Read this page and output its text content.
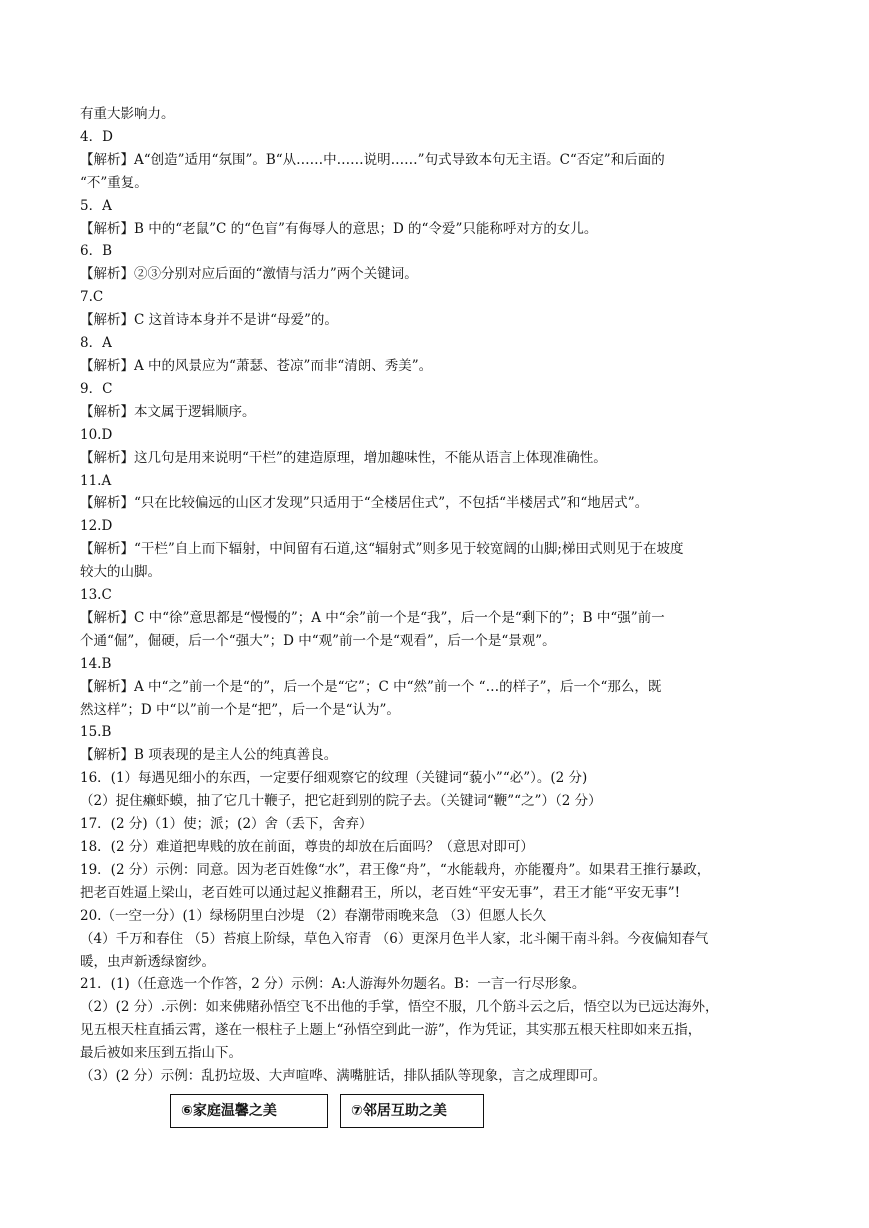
有重大影响力。
4．D
【解析】A“创造”适用“氛围”。B“从……中……说明……”句式导致本句无主语。C“否定”和后面的
“不”重复。
5．A
【解析】B 中的“老鼠”C 的“色盲”有侮辱人的意思；D 的“令爱”只能称呼对方的女儿。
6．B
【解析】②③分别对应后面的“激情与活力”两个关键词。
7.C
【解析】C 这首诗本身并不是讲“母爱”的。
8．A
【解析】A 中的风景应为“萧瑟、苍凉”而非“清朗、秀美”。
9．C
【解析】本文属于逻辑顺序。
10.D
【解析】这几句是用来说明“干栏”的建造原理，增加趣味性，不能从语言上体现准确性。
11.A
【解析】“只在比较偏远的山区才发现”只适用于“全楼居住式”，不包括“半楼居式”和“地居式”。
12.D
【解析】“干栏”自上而下辐射，中间留有石道,这“辐射式”则多见于较宽阔的山脚;梯田式则见于在坡度
较大的山脚。
13.C
【解析】C 中“徐”意思都是“慢慢的”；A 中“余”前一个是“我”，后一个是“剩下的”；B 中“强”前一
个通“倔”，倔硬，后一个“强大”；D 中“观”前一个是“观看”，后一个是“景观”。
14.B
【解析】A 中“之”前一个是“的”，后一个是“它”；C 中“然”前一个 “…的样子”，后一个“那么，既
然这样”；D 中“以”前一个是“把”，后一个是“认为”。
15.B
【解析】B 项表现的是主人公的纯真善良。
16．(1）每遇见细小的东西，一定要仔细观察它的纹理（关键词“藐小”“必”）。(2 分)
（2）捉住癞虾蟆，抽了它几十鞭子，把它赶到别的院子去。（关键词“鞭”“之”）（2 分）
17．(2 分)（1）使；派；(2）舍（丢下，舍弃）
18．(2 分）难道把卑贱的放在前面，尊贵的却放在后面吗？（意思对即可）
19．(2 分）示例：同意。因为老百姓像“水”，君王像“舟”，“水能载舟，亦能覆舟”。如果君王推行暴政，
把老百姓逼上梁山，老百姓可以通过起义推翻君王，所以，老百姓“平安无事”，君王才能“平安无事”!
20.（一空一分）(1）绿杨阴里白沙堤 （2）春潮带雨晚来急 （3）但愿人长久
（4）千万和春住 （5）苔痕上阶绿，草色入帘青 （6）更深月色半人家，北斗阑干南斗斜。今夜偏知春气
暖，虫声新透绿窗纱。
21．(1)（任意选一个作答，2 分）示例：A:人游海外勿题名。B：一言一行尽形象。
（2）(2 分）.示例：如来佛赌孙悟空飞不出他的手掌，悟空不服，几个筋斗云之后，悟空以为已远达海外，
见五根天柱直插云霄，遂在一根柱子上题上“孙悟空到此一游”，作为凭证，其实那五根天柱即如来五指，
最后被如来压到五指山下。
（3）(2 分）示例：乱扔垃圾、大声喧哗、满嘴脏话，排队插队等现象，言之成理即可。
⑥家庭温馨之美	⑦邻居互助之美
